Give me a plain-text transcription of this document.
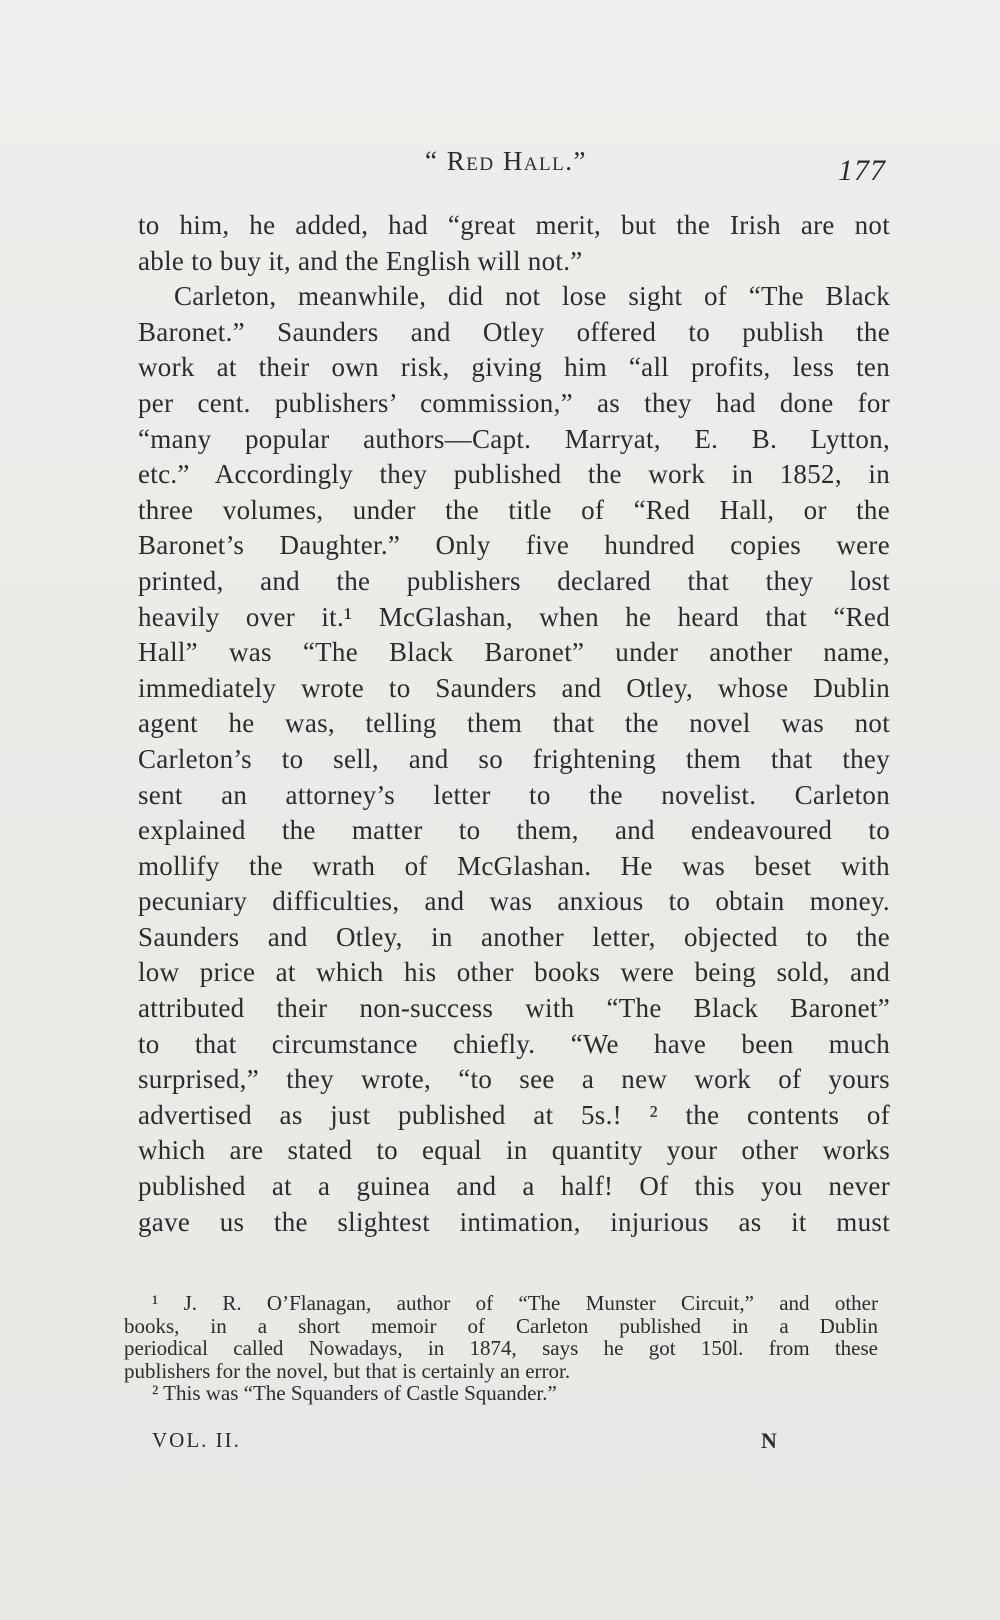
“ Red Hall.”	177
to him, he added, had “great merit, but the Irish are not
able to buy it, and the English will not.”
Carleton, meanwhile, did not lose sight of “The Black
Baronet.” Saunders and Otley offered to publish the
work at their own risk, giving him “all profits, less ten
per cent. publishers’ commission,” as they had done for
“many popular authors—Capt. Marryat, E. B. Lytton,
etc.” Accordingly they published the work in 1852, in
three volumes, under the title of “Red Hall, or the
Baronet’s Daughter.” Only five hundred copies were
printed, and the publishers declared that they lost
heavily over it.¹ McGlashan, when he heard that “Red
Hall” was “The Black Baronet” under another name,
immediately wrote to Saunders and Otley, whose Dublin
agent he was, telling them that the novel was not
Carleton’s to sell, and so frightening them that they
sent an attorney’s letter to the novelist. Carleton
explained the matter to them, and endeavoured to
mollify the wrath of McGlashan. He was beset with
pecuniary difficulties, and was anxious to obtain money.
Saunders and Otley, in another letter, objected to the
low price at which his other books were being sold, and
attributed their non-success with “The Black Baronet”
to that circumstance chiefly. “We have been much
surprised,” they wrote, “to see a new work of yours
advertised as just published at 5s.! ² the contents of
which are stated to equal in quantity your other works
published at a guinea and a half! Of this you never
gave us the slightest intimation, injurious as it must
¹ J. R. O’Flanagan, author of “The Munster Circuit,” and other
books, in a short memoir of Carleton published in a Dublin
periodical called Nowadays, in 1874, says he got 150l. from these
publishers for the novel, but that is certainly an error.
² This was “The Squanders of Castle Squander.”
VOL. II.	N
